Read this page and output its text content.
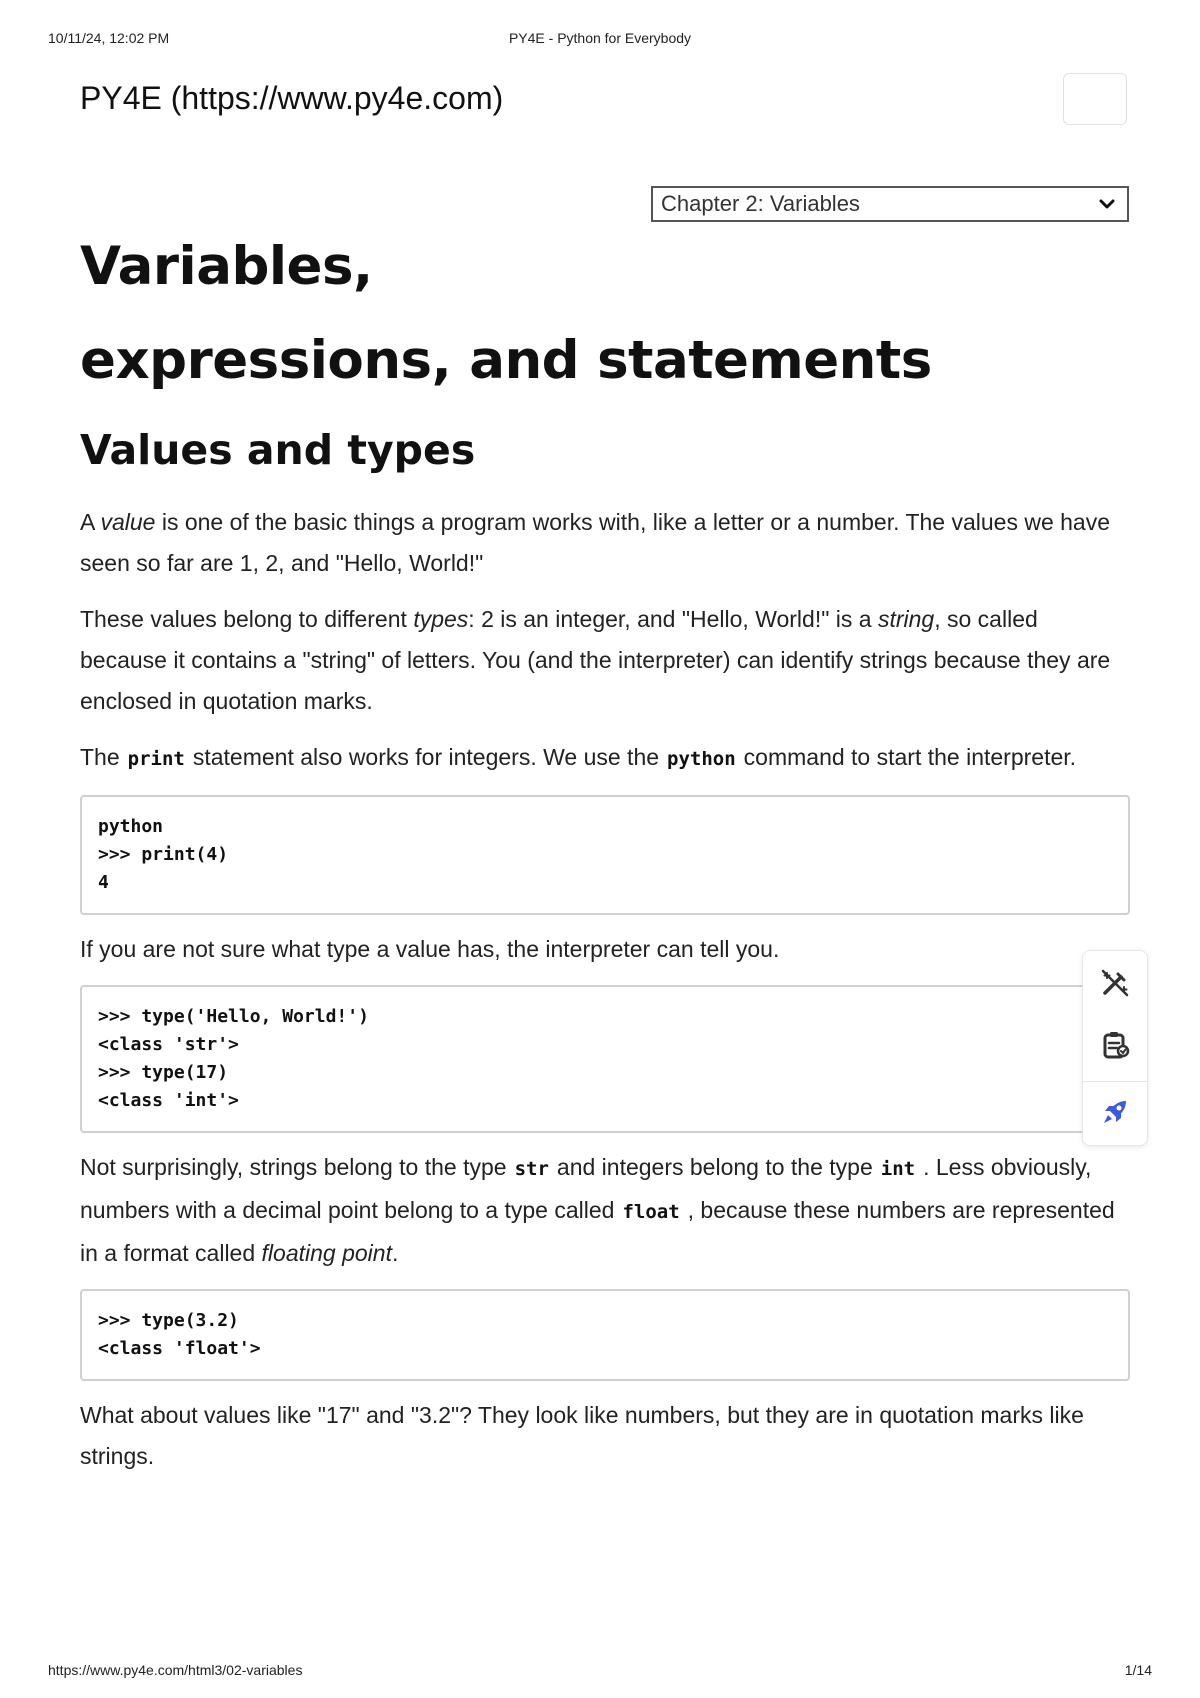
10/11/24, 12:02 PM	PY4E - Python for Everybody
PY4E (https://www.py4e.com)
Chapter 2: Variables
Variables,
expressions, and statements
Values and types

A value is one of the basic things a program works with, like a letter or a number. The values we have seen so far are 1, 2, and "Hello, World!"

These values belong to different types: 2 is an integer, and "Hello, World!" is a string, so called because it contains a "string" of letters. You (and the interpreter) can identify strings because they are enclosed in quotation marks.

The print statement also works for integers. We use the python command to start the interpreter.

python
>>> print(4)
4

If you are not sure what type a value has, the interpreter can tell you.

>>> type('Hello, World!')
<class 'str'>
>>> type(17)
<class 'int'>

Not surprisingly, strings belong to the type str and integers belong to the type int . Less obviously, numbers with a decimal point belong to a type called float , because these numbers are represented in a format called floating point.

>>> type(3.2)
<class 'float'>

What about values like "17" and "3.2"? They look like numbers, but they are in quotation marks like strings.

https://www.py4e.com/html3/02-variables	1/14
